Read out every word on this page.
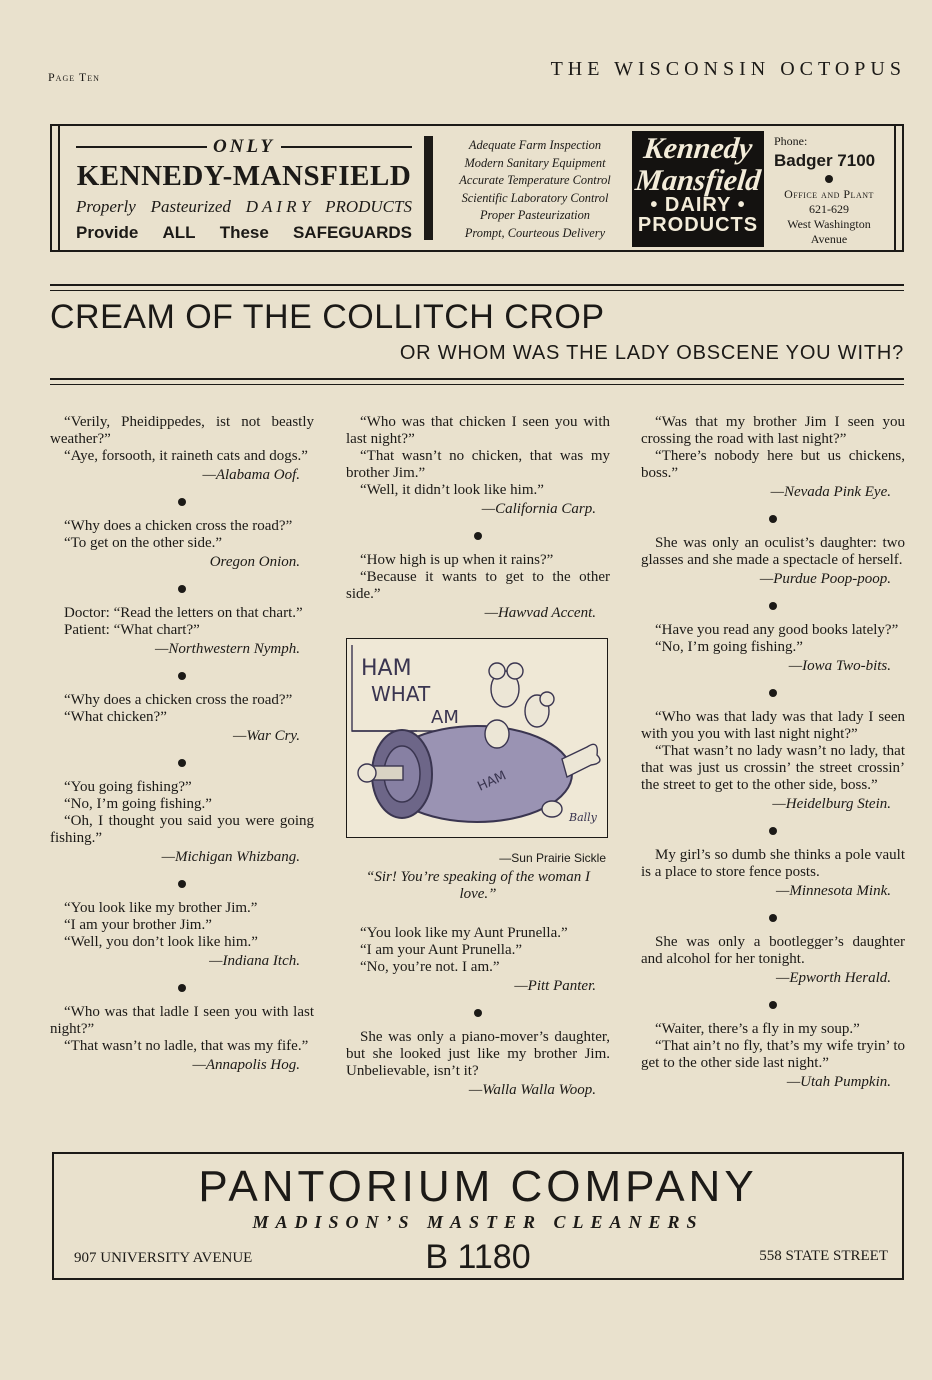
Page Ten	THE WISCONSIN OCTOPUS
ONLY
KENNEDY-MANSFIELD
Properly Pasteurized D A I R Y PRODUCTS
Provide ALL These SAFEGUARDS
Adequate Farm Inspection
Modern Sanitary Equipment
Accurate Temperature Control
Scientific Laboratory Control
Proper Pasteurization
Prompt, Courteous Delivery
Kennedy
Mansfield
• DAIRY •
PRODUCTS
Phone:
Badger 7100
Office and Plant
621-629
West Washington
Avenue
CREAM OF THE COLLITCH CROP
OR WHOM WAS THE LADY OBSCENE YOU WITH?

“Verily, Pheidippedes, ist not beastly weather?”

“Aye, forsooth, it raineth cats and dogs.”

—Alabama Oof.

“Why does a chicken cross the road?”

“To get on the other side.”

Oregon Onion.

Doctor: “Read the letters on that chart.”

Patient: “What chart?”

—Northwestern Nymph.

“Why does a chicken cross the road?”

“What chicken?”

—War Cry.

“You going fishing?”

“No, I’m going fishing.”

“Oh, I thought you said you were going fishing.”

—Michigan Whizbang.

“You look like my brother Jim.”

“I am your brother Jim.”

“Well, you don’t look like him.”

—Indiana Itch.

“Who was that ladle I seen you with last night?”

“That wasn’t no ladle, that was my fife.”

—Annapolis Hog.

“Who was that chicken I seen you with last night?”

“That wasn’t no chicken, that was my brother Jim.”

“Well, it didn’t look like him.”

—California Carp.

“How high is up when it rains?”

“Because it wants to get to the other side.”

—Hawvad Accent.

HAM
WHAT
AM
HAM
Bally
—Sun Prairie Sickle
“Sir! You’re speaking of the woman I love.”

“You look like my Aunt Prunella.”

“I am your Aunt Prunella.”

“No, you’re not. I am.”

—Pitt Panter.

She was only a piano-mover’s daughter, but she looked just like my brother Jim. Unbelievable, isn’t it?

—Walla Walla Woop.

“Was that my brother Jim I seen you crossing the road with last night?”

“There’s nobody here but us chickens, boss.”

—Nevada Pink Eye.

She was only an oculist’s daughter: two glasses and she made a spectacle of herself.

—Purdue Poop-poop.

“Have you read any good books lately?”

“No, I’m going fishing.”

—Iowa Two-bits.

“Who was that lady was that lady I seen with you you with last night night?”

“That wasn’t no lady wasn’t no lady, that that was just us crossin’ the street crossin’ the street to get to the other side, boss.”

—Heidelburg Stein.

My girl’s so dumb she thinks a pole vault is a place to store fence posts.

—Minnesota Mink.

She was only a bootlegger’s daughter and alcohol for her tonight.

—Epworth Herald.

“Waiter, there’s a fly in my soup.”

“That ain’t no fly, that’s my wife tryin’ to get to the other side last night.”

—Utah Pumpkin.

PANTORIUM COMPANY
MADISON’S MASTER CLEANERS
907 UNIVERSITY AVENUE	B 1180	558 STATE STREET
